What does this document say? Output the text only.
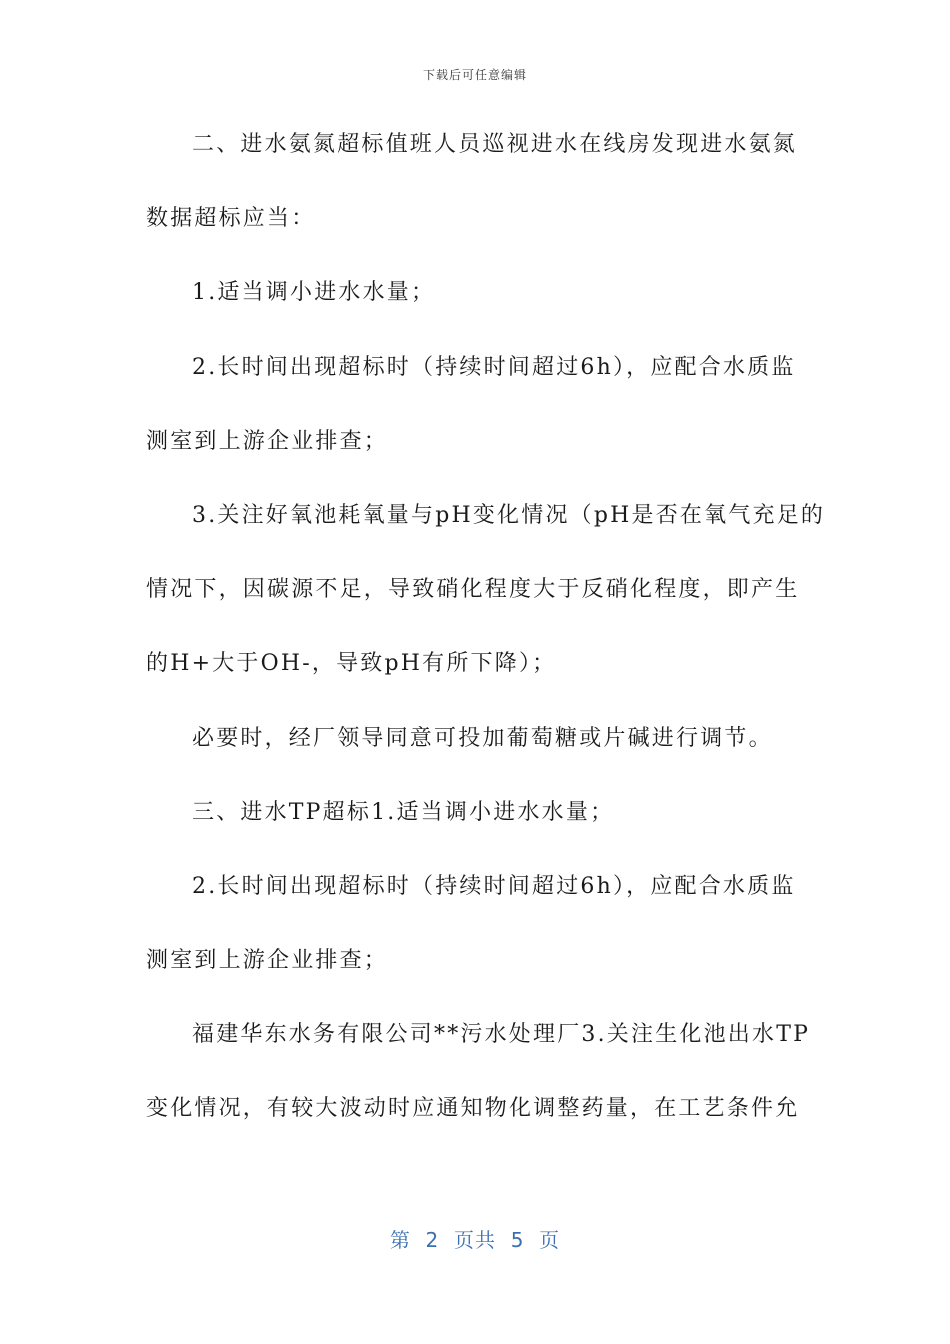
下载后可任意编辑
二、进水氨氮超标值班人员巡视进水在线房发现进水氨氮
数据超标应当：
1.适当调小进水水量；
2.长时间出现超标时（持续时间超过6h），应配合水质监
测室到上游企业排查；
3.关注好氧池耗氧量与pH变化情况（pH是否在氧气充足的
情况下，因碳源不足，导致硝化程度大于反硝化程度，即产生
的H+大于OH-，导致pH有所下降）；
必要时，经厂领导同意可投加葡萄糖或片碱进行调节。
三、进水TP超标1.适当调小进水水量；
2.长时间出现超标时（持续时间超过6h），应配合水质监
测室到上游企业排查；
福建华东水务有限公司**污水处理厂3.关注生化池出水TP
变化情况，有较大波动时应通知物化调整药量，在工艺条件允
第  2  页共  5  页
